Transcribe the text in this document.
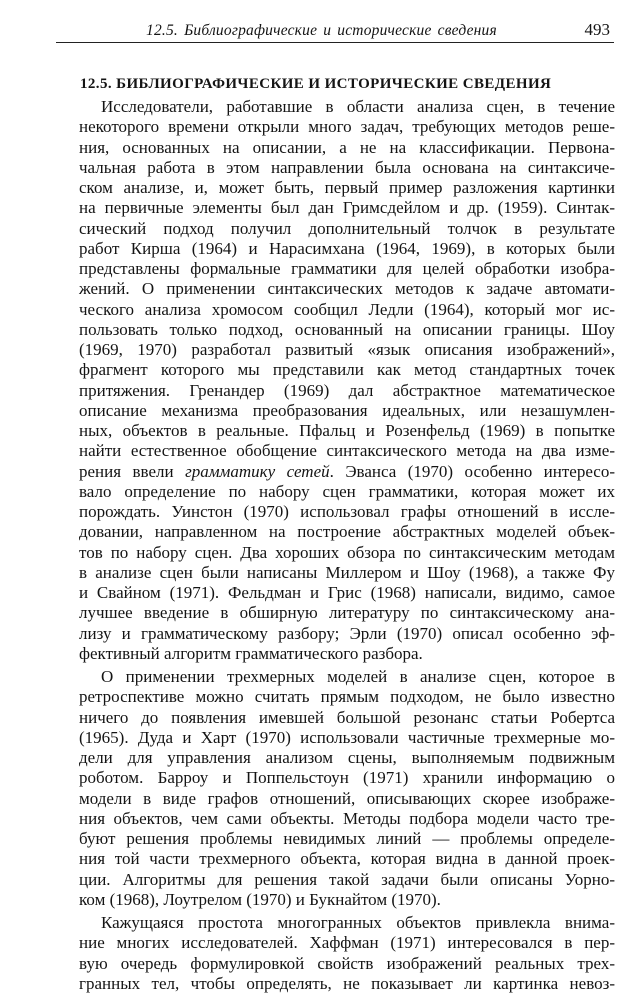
12.5. Библиографические и исторические сведения	493
12.5. БИБЛИОГРАФИЧЕСКИЕ И ИСТОРИЧЕСКИЕ СВЕДЕНИЯ
Исследователи, работавшие в области анализа сцен, в течение
некоторого времени открыли много задач, требующих методов реше-
ния, основанных на описании, а не на классификации. Первона-
чальная работа в этом направлении была основана на синтаксиче-
ском анализе, и, может быть, первый пример разложения картинки
на первичные элементы был дан Гримсдейлом и др. (1959). Синтак-
сический подход получил дополнительный толчок в результате
работ Кирша (1964) и Нарасимхана (1964, 1969), в которых были
представлены формальные грамматики для целей обработки изобра-
жений. О применении синтаксических методов к задаче автомати-
ческого анализа хромосом сообщил Ледли (1964), который мог ис-
пользовать только подход, основанный на описании границы. Шоу
(1969, 1970) разработал развитый «язык описания изображений»,
фрагмент которого мы представили как метод стандартных точек
притяжения. Гренандер (1969) дал абстрактное математическое
описание механизма преобразования идеальных, или незашумлен-
ных, объектов в реальные. Пфальц и Розенфельд (1969) в попытке
найти естественное обобщение синтаксического метода на два изме-
рения ввели грамматику сетей. Эванса (1970) особенно интересо-
вало определение по набору сцен грамматики, которая может их
порождать. Уинстон (1970) использовал графы отношений в иссле-
довании, направленном на построение абстрактных моделей объек-
тов по набору сцен. Два хороших обзора по синтаксическим методам
в анализе сцен были написаны Миллером и Шоу (1968), а также Фу
и Свайном (1971). Фельдман и Грис (1968) написали, видимо, самое
лучшее введение в обширную литературу по синтаксическому ана-
лизу и грамматическому разбору; Эрли (1970) описал особенно эф-
фективный алгоритм грамматического разбора.
О применении трехмерных моделей в анализе сцен, которое в
ретроспективе можно считать прямым подходом, не было известно
ничего до появления имевшей большой резонанс статьи Робертса
(1965). Дуда и Харт (1970) использовали частичные трехмерные мо-
дели для управления анализом сцены, выполняемым подвижным
роботом. Барроу и Поппельстоун (1971) хранили информацию о
модели в виде графов отношений, описывающих скорее изображе-
ния объектов, чем сами объекты. Методы подбора модели часто тре-
буют решения проблемы невидимых линий — проблемы определе-
ния той части трехмерного объекта, которая видна в данной проек-
ции. Алгоритмы для решения такой задачи были описаны Уорно-
ком (1968), Лоутрелом (1970) и Букнайтом (1970).
Кажущаяся простота многогранных объектов привлекла внима-
ние многих исследователей. Хаффман (1971) интересовался в пер-
вую очередь формулировкой свойств изображений реальных трех-
гранных тел, чтобы определять, не показывает ли картинка невоз-
